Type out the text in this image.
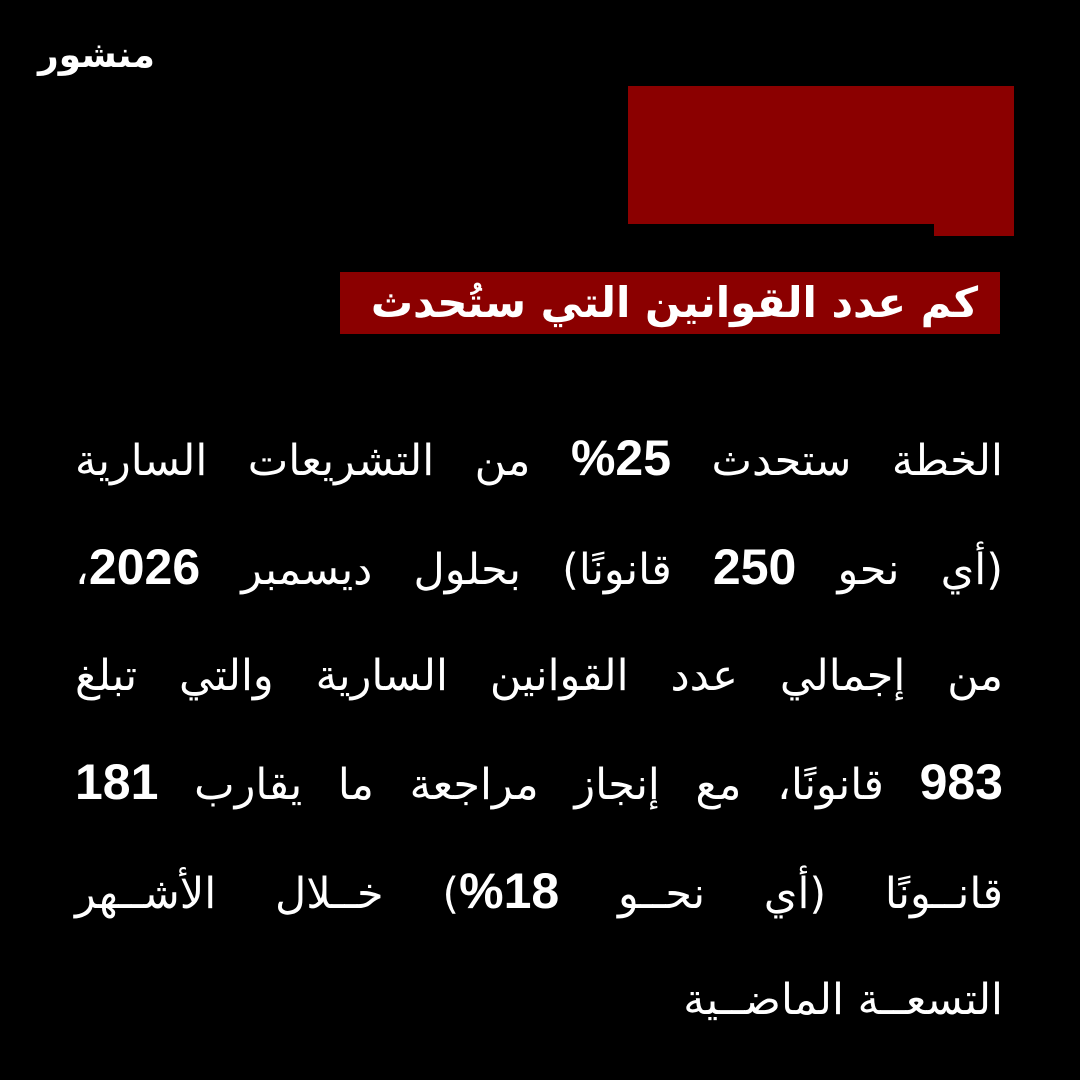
منشور
كم عدد القوانين التي ستُحدث
الخطة ستحدث 25% من التشريعات السارية
(أي نحو 250 قانونًا) بحلول ديسمبر 2026،
من إجمالي عدد القوانين السارية والتي تبلغ
983 قانونًا، مع إنجاز مراجعة ما يقارب 181
قانــونًا (أي نحــو 18%) خــلال الأشــهر
التسعــة الماضــية
